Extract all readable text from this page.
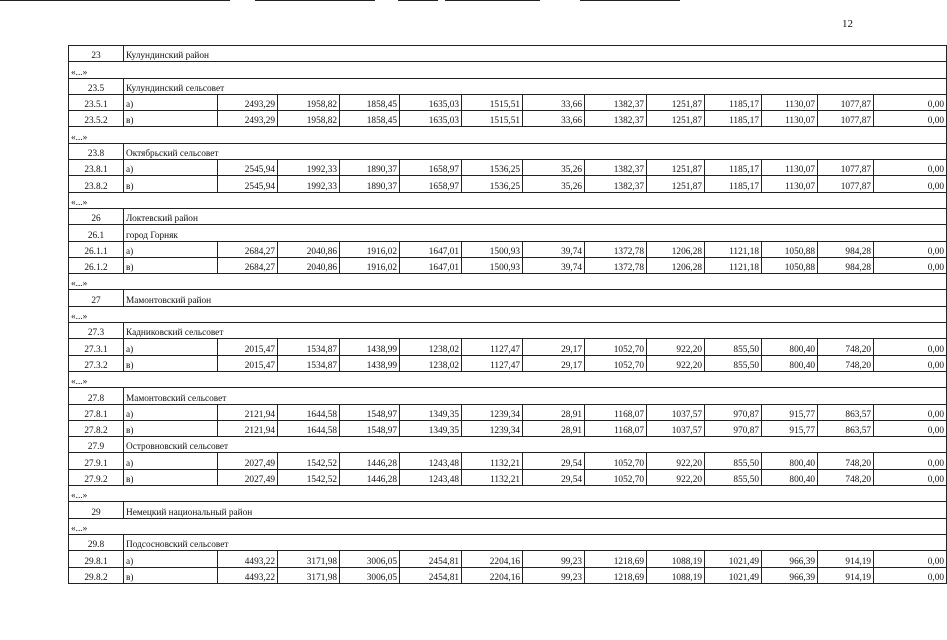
12
23	Кулундинский район												
«...»													
23.5	Кулундинский сельсовет												
23.5.1	а)	2493,29	1958,82	1858,45	1635,03	1515,51	33,66	1382,37	1251,87	1185,17	1130,07	1077,87	0,00
23.5.2	в)	2493,29	1958,82	1858,45	1635,03	1515,51	33,66	1382,37	1251,87	1185,17	1130,07	1077,87	0,00
«...»													
23.8	Октябрьский сельсовет												
23.8.1	а)	2545,94	1992,33	1890,37	1658,97	1536,25	35,26	1382,37	1251,87	1185,17	1130,07	1077,87	0,00
23.8.2	в)	2545,94	1992,33	1890,37	1658,97	1536,25	35,26	1382,37	1251,87	1185,17	1130,07	1077,87	0,00
«...»													
26	Локтевский район												
26.1	город Горняк												
26.1.1	а)	2684,27	2040,86	1916,02	1647,01	1500,93	39,74	1372,78	1206,28	1121,18	1050,88	984,28	0,00
26.1.2	в)	2684,27	2040,86	1916,02	1647,01	1500,93	39,74	1372,78	1206,28	1121,18	1050,88	984,28	0,00
«...»													
27	Мамонтовский район												
«...»													
27.3	Кадниковский сельсовет												
27.3.1	а)	2015,47	1534,87	1438,99	1238,02	1127,47	29,17	1052,70	922,20	855,50	800,40	748,20	0,00
27.3.2	в)	2015,47	1534,87	1438,99	1238,02	1127,47	29,17	1052,70	922,20	855,50	800,40	748,20	0,00
«...»													
27.8	Мамонтовский сельсовет												
27.8.1	а)	2121,94	1644,58	1548,97	1349,35	1239,34	28,91	1168,07	1037,57	970,87	915,77	863,57	0,00
27.8.2	в)	2121,94	1644,58	1548,97	1349,35	1239,34	28,91	1168,07	1037,57	970,87	915,77	863,57	0,00
27.9	Островновский сельсовет												
27.9.1	а)	2027,49	1542,52	1446,28	1243,48	1132,21	29,54	1052,70	922,20	855,50	800,40	748,20	0,00
27.9.2	в)	2027,49	1542,52	1446,28	1243,48	1132,21	29,54	1052,70	922,20	855,50	800,40	748,20	0,00
«...»													
29	Немецкий национальный район												
«...»													
29.8	Подсосновский сельсовет												
29.8.1	а)	4493,22	3171,98	3006,05	2454,81	2204,16	99,23	1218,69	1088,19	1021,49	966,39	914,19	0,00
29.8.2	в)	4493,22	3171,98	3006,05	2454,81	2204,16	99,23	1218,69	1088,19	1021,49	966,39	914,19	0,00
